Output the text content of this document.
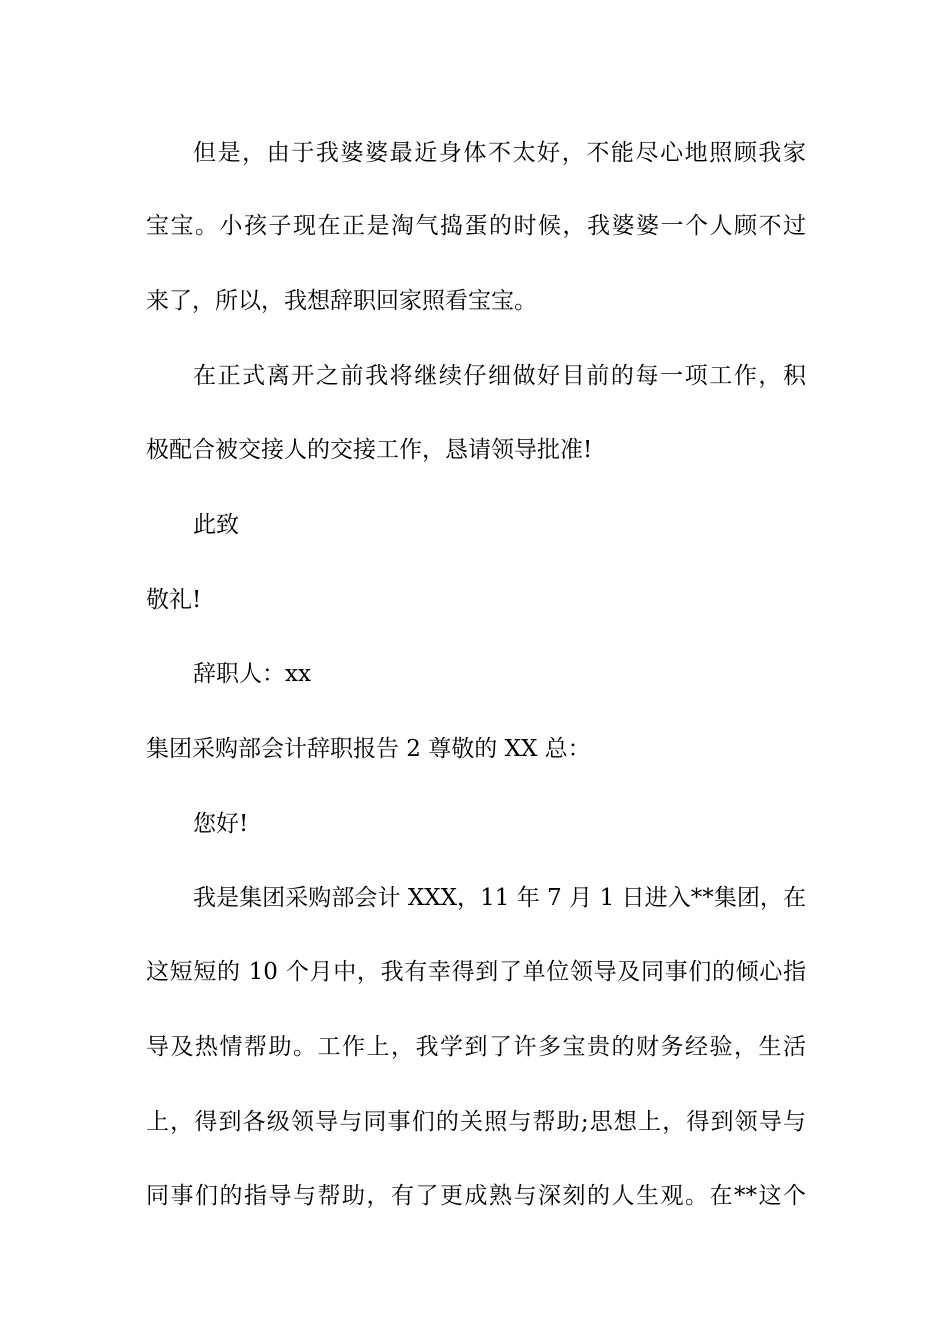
但是，由于我婆婆最近身体不太好，不能尽心地照顾我家
宝宝。小孩子现在正是淘气捣蛋的时候，我婆婆一个人顾不过
来了，所以，我想辞职回家照看宝宝。
在正式离开之前我将继续仔细做好目前的每一项工作，积
极配合被交接人的交接工作，恳请领导批准!
此致
敬礼!
辞职人：xx
集团采购部会计辞职报告 2 尊敬的 XX 总：
您好!
我是集团采购部会计 XXX，11 年 7 月 1 日进入**集团，在
这短短的 10 个月中，我有幸得到了单位领导及同事们的倾心指
导及热情帮助。工作上，我学到了许多宝贵的财务经验，生活
上，得到各级领导与同事们的关照与帮助;思想上，得到领导与
同事们的指导与帮助，有了更成熟与深刻的人生观。在**这个
